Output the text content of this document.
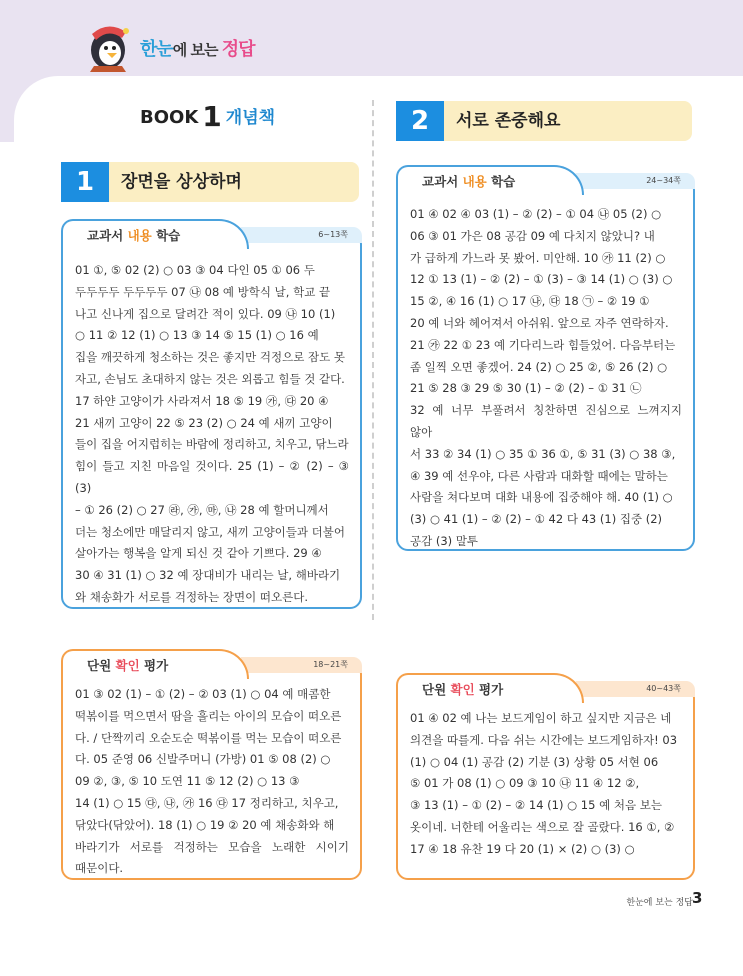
한눈에 보는 정답
BOOK 1 개념책
1	장면을 상상하며
2	서로 존중해요
6~13쪽
교과서 내용 학습
01 ①, ⑤ 02 (2) ○ 03 ③ 04 다인 05 ① 06 두
두두두두 두두두두 07 ㉯ 08 예 방학식 날, 학교 끝
나고 신나게 집으로 달려간 적이 있다. 09 ㉯ 10 (1)
○ 11 ② 12 (1) ○ 13 ③ 14 ⑤ 15 (1) ○ 16 예
집을 깨끗하게 청소하는 것은 좋지만 걱정으로 잠도 못
자고, 손님도 초대하지 않는 것은 외롭고 힘들 것 같다.
17 하얀 고양이가 사라져서 18 ⑤ 19 ㉮, ㉰ 20 ④
21 새끼 고양이 22 ⑤ 23 (2) ○ 24 예 새끼 고양이
들이 집을 어지럽히는 바람에 정리하고, 치우고, 닦느라
힘이 들고 지친 마음일 것이다. 25 (1) – ② (2) – ③ (3)
– ① 26 (2) ○ 27 ㉱, ㉮, ㉲, ㉯ 28 예 할머니께서
더는 청소에만 매달리지 않고, 새끼 고양이들과 더불어
살아가는 행복을 알게 되신 것 같아 기쁘다. 29 ④
30 ④ 31 (1) ○ 32 예 장대비가 내리는 날, 해바라기
와 채송화가 서로를 걱정하는 장면이 떠오른다.
18~21쪽
단원 확인 평가
01 ③ 02 (1) – ① (2) – ② 03 (1) ○ 04 예 매콤한
떡볶이를 먹으면서 땀을 흘리는 아이의 모습이 떠오른
다. / 단짝끼리 오순도순 떡볶이를 먹는 모습이 떠오른
다. 05 준영 06 신발주머니 (가방) 01 ⑤ 08 (2) ○
09 ②, ③, ⑤ 10 도연 11 ⑤ 12 (2) ○ 13 ③
14 (1) ○ 15 ㉰, ㉯, ㉮ 16 ㉰ 17 정리하고, 치우고,
닦았다(닦았어). 18 (1) ○ 19 ② 20 예 채송화와 해
바라기가 서로를 걱정하는 모습을 노래한 시이기 때문이다.
24~34쪽
교과서 내용 학습
01 ④ 02 ④ 03 (1) – ② (2) – ① 04 ㉯ 05 (2) ○
06 ③ 01 가은 08 공감 09 예 다치지 않았니? 내
가 급하게 가느라 못 봤어. 미안해. 10 ㉮ 11 (2) ○
12 ① 13 (1) – ② (2) – ① (3) – ③ 14 (1) ○ (3) ○
15 ②, ④ 16 (1) ○ 17 ㉯, ㉰ 18 ㉠ – ② 19 ①
20 예 너와 헤어져서 아쉬워. 앞으로 자주 연락하자.
21 ㉮ 22 ① 23 예 기다리느라 힘들었어. 다음부터는
좀 일찍 오면 좋겠어. 24 (2) ○ 25 ②, ⑤ 26 (2) ○
21 ⑤ 28 ③ 29 ⑤ 30 (1) – ② (2) – ① 31 ㉡
32 예 너무 부풀려서 칭찬하면 진심으로 느껴지지 않아
서 33 ② 34 (1) ○ 35 ① 36 ①, ⑤ 31 (3) ○ 38 ③,
④ 39 예 선우야, 다른 사람과 대화할 때에는 말하는
사람을 쳐다보며 대화 내용에 집중해야 해. 40 (1) ○
(3) ○ 41 (1) – ② (2) – ① 42 다 43 (1) 집중 (2)
공감 (3) 말투
40~43쪽
단원 확인 평가
01 ④ 02 예 나는 보드게임이 하고 싶지만 지금은 네
의견을 따를게. 다음 쉬는 시간에는 보드게임하자! 03
(1) ○ 04 (1) 공감 (2) 기분 (3) 상황 05 서현 06
⑤ 01 가 08 (1) ○ 09 ③ 10 ㉯ 11 ④ 12 ②,
③ 13 (1) – ① (2) – ② 14 (1) ○ 15 예 처음 보는
옷이네. 너한테 어울리는 색으로 잘 골랐다. 16 ①, ②
17 ④ 18 유찬 19 다 20 (1) × (2) ○ (3) ○
한눈에 보는 정답 3
